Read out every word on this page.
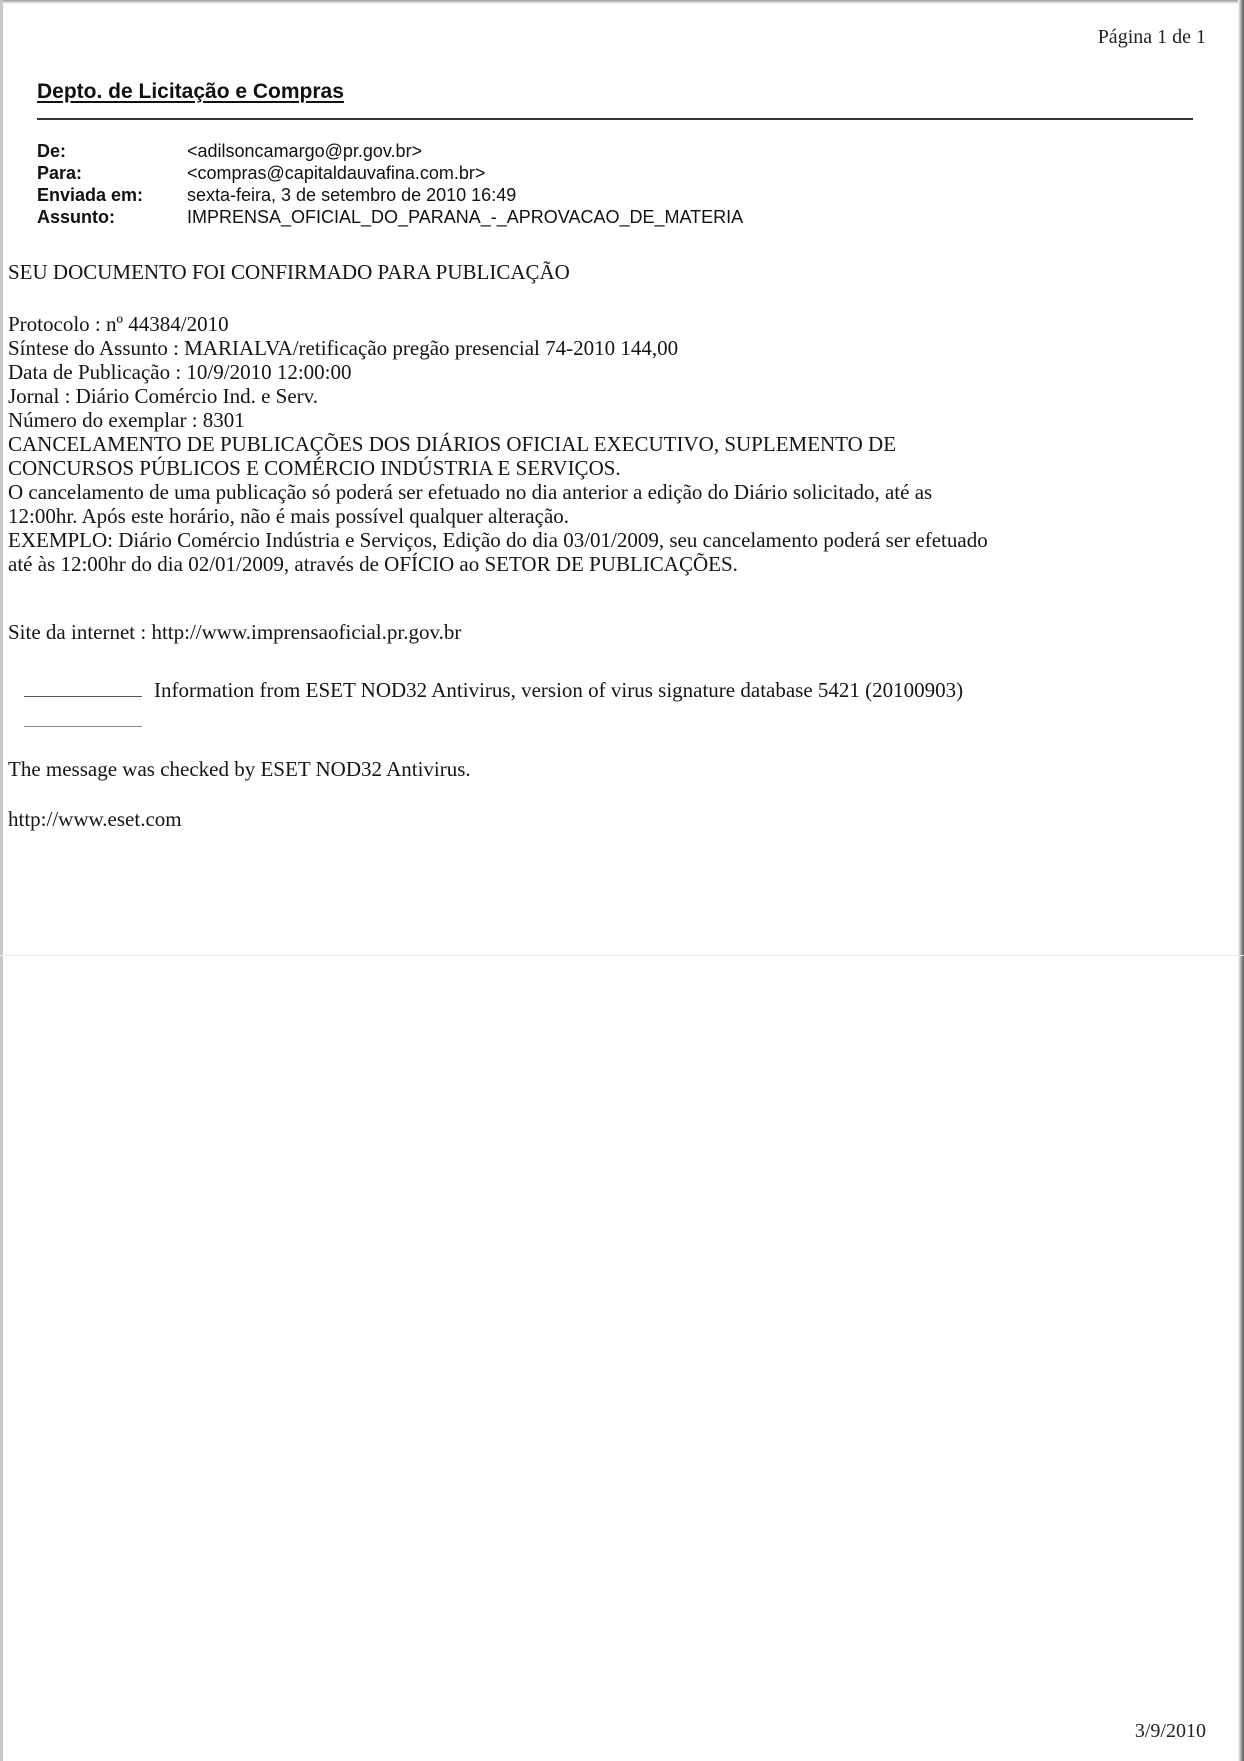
Página 1 de 1
Depto. de Licitação e Compras
De:	<adilsoncamargo@pr.gov.br>
Para:	<compras@capitaldauvafina.com.br>
Enviada em:	sexta-feira, 3 de setembro de 2010 16:49
Assunto:	IMPRENSA_OFICIAL_DO_PARANA_-_APROVACAO_DE_MATERIA

SEU DOCUMENTO FOI CONFIRMADO PARA PUBLICAÇÃO

Protocolo : nº 44384/2010

Síntese do Assunto : MARIALVA/retificação pregão presencial 74-2010 144,00

Data de Publicação : 10/9/2010 12:00:00

Jornal : Diário Comércio Ind. e Serv.

Número do exemplar : 8301

CANCELAMENTO DE PUBLICAÇÕES DOS DIÁRIOS OFICIAL EXECUTIVO, SUPLEMENTO DE

CONCURSOS PÚBLICOS E COMÉRCIO INDÚSTRIA E SERVIÇOS.

O cancelamento de uma publicação só poderá ser efetuado no dia anterior a edição do Diário solicitado, até as

12:00hr. Após este horário, não é mais possível qualquer alteração.

EXEMPLO: Diário Comércio Indústria e Serviços, Edição do dia 03/01/2009, seu cancelamento poderá ser efetuado

até às 12:00hr do dia 02/01/2009, através de OFÍCIO ao SETOR DE PUBLICAÇÕES.

Site da internet : http://www.imprensaoficial.pr.gov.br

Information from ESET NOD32 Antivirus, version of virus signature database 5421 (20100903)

The message was checked by ESET NOD32 Antivirus.

http://www.eset.com

3/9/2010
